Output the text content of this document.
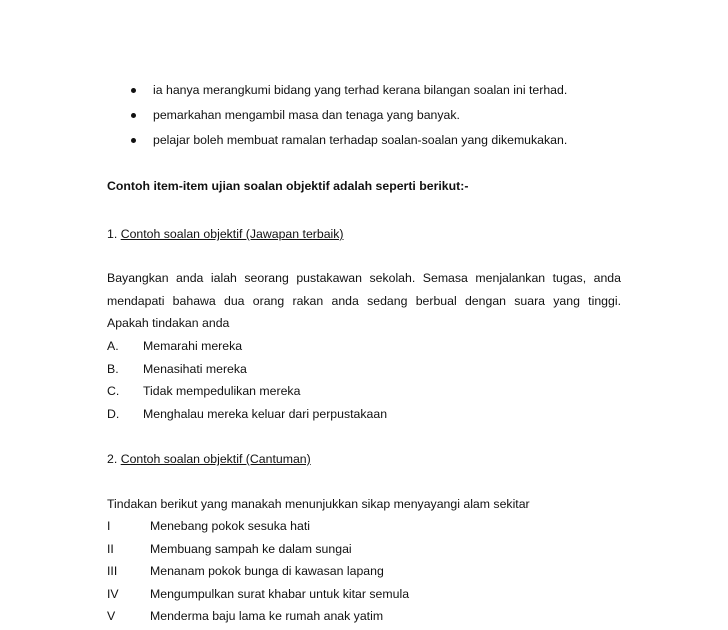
ia hanya merangkumi bidang yang terhad kerana bilangan soalan ini terhad.
pemarkahan mengambil masa dan tenaga yang banyak.
pelajar boleh membuat ramalan terhadap soalan-soalan yang dikemukakan.
Contoh item-item ujian soalan objektif adalah seperti berikut:-
1. Contoh soalan objektif (Jawapan terbaik)
Bayangkan anda ialah seorang pustakawan sekolah. Semasa menjalankan tugas, anda
mendapati bahawa dua orang rakan anda sedang berbual dengan suara yang tinggi.
Apakah tindakan anda
A. Memarahi mereka
B. Menasihati mereka
C. Tidak mempedulikan mereka
D. Menghalau mereka keluar dari perpustakaan
2. Contoh soalan objektif (Cantuman)
Tindakan berikut yang manakah menunjukkan sikap menyayangi alam sekitar
I	Menebang pokok sesuka hati
II	Membuang sampah ke dalam sungai
III	Menanam pokok bunga di kawasan lapang
IV	Mengumpulkan surat khabar untuk kitar semula
V	Menderma baju lama ke rumah anak yatim
